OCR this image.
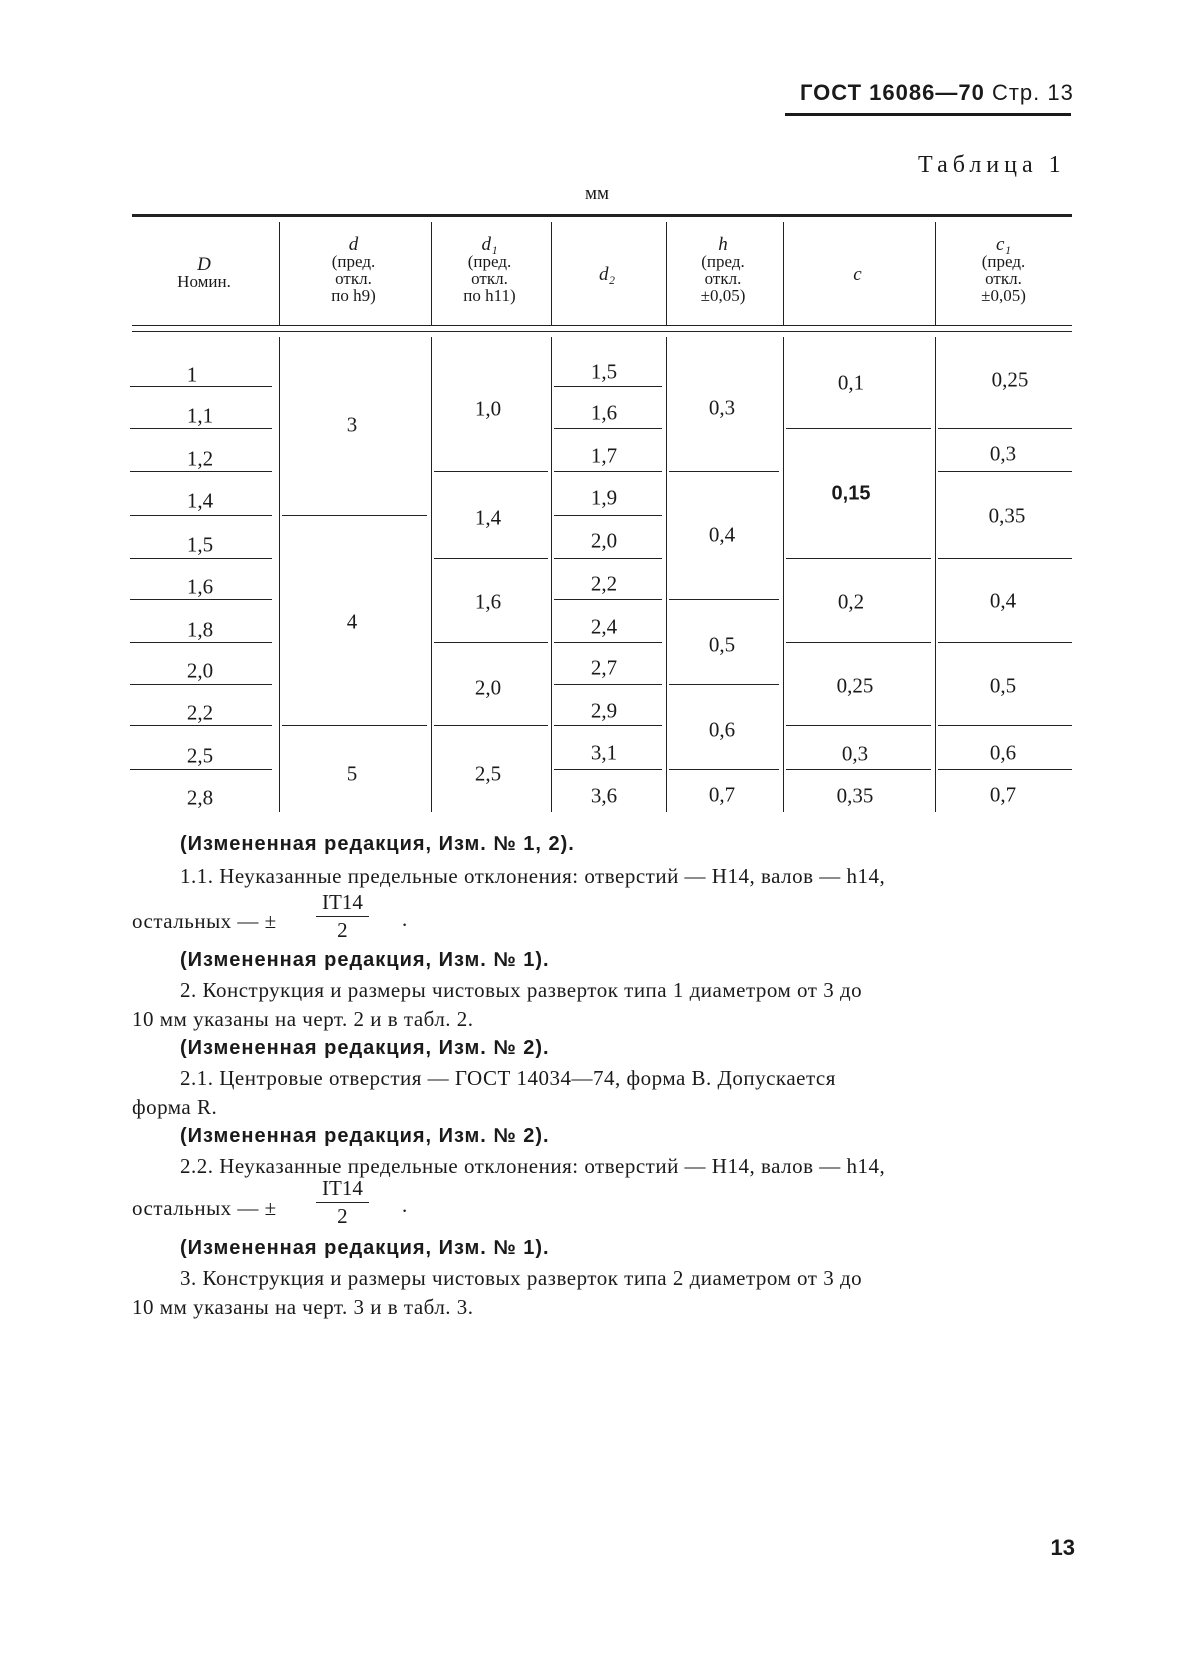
ГОСТ 16086—70 Стр. 13
Таблица 1
мм
D
Номин.
d
(пред.
откл.
по h9)
d₁
(пред.
откл.
по h11)
d₂
h
(пред.
откл.
±0,05)
c
c₁
(пред.
откл.
±0,05)
1
1,1
1,2
1,4
1,5
1,6
1,8
2,0
2,2
2,5
2,8
3
4
5
1,0
1,4
1,6
2,0
2,5
1,5
1,6
1,7
1,9
2,0
2,2
2,4
2,7
2,9
3,1
3,6
0,3
0,4
0,5
0,6
0,7
0,1
0,15
0,2
0,25
0,3
0,35
0,25
0,3
0,35
0,4
0,5
0,6
0,7
(Измененная редакция, Изм. № 1, 2).
1.1. Неуказанные предельные отклонения: отверстий — H14, валов — h14,
остальных — ± $\frac{IT14}{2}$ .
(Измененная редакция, Изм. № 1).
2. Конструкция и размеры чистовых разверток типа 1 диаметром от 3 до
10 мм указаны на черт. 2 и в табл. 2.
(Измененная редакция, Изм. № 2).
2.1. Центровые отверстия — ГОСТ 14034—74, форма B. Допускается
форма R.
(Измененная редакция, Изм. № 2).
2.2. Неуказанные предельные отклонения: отверстий — H14, валов — h14,
остальных — ± $\frac{IT14}{2}$ .
(Измененная редакция, Изм. № 1).
3. Конструкция и размеры чистовых разверток типа 2 диаметром от 3 до
10 мм указаны на черт. 3 и в табл. 3.
13
